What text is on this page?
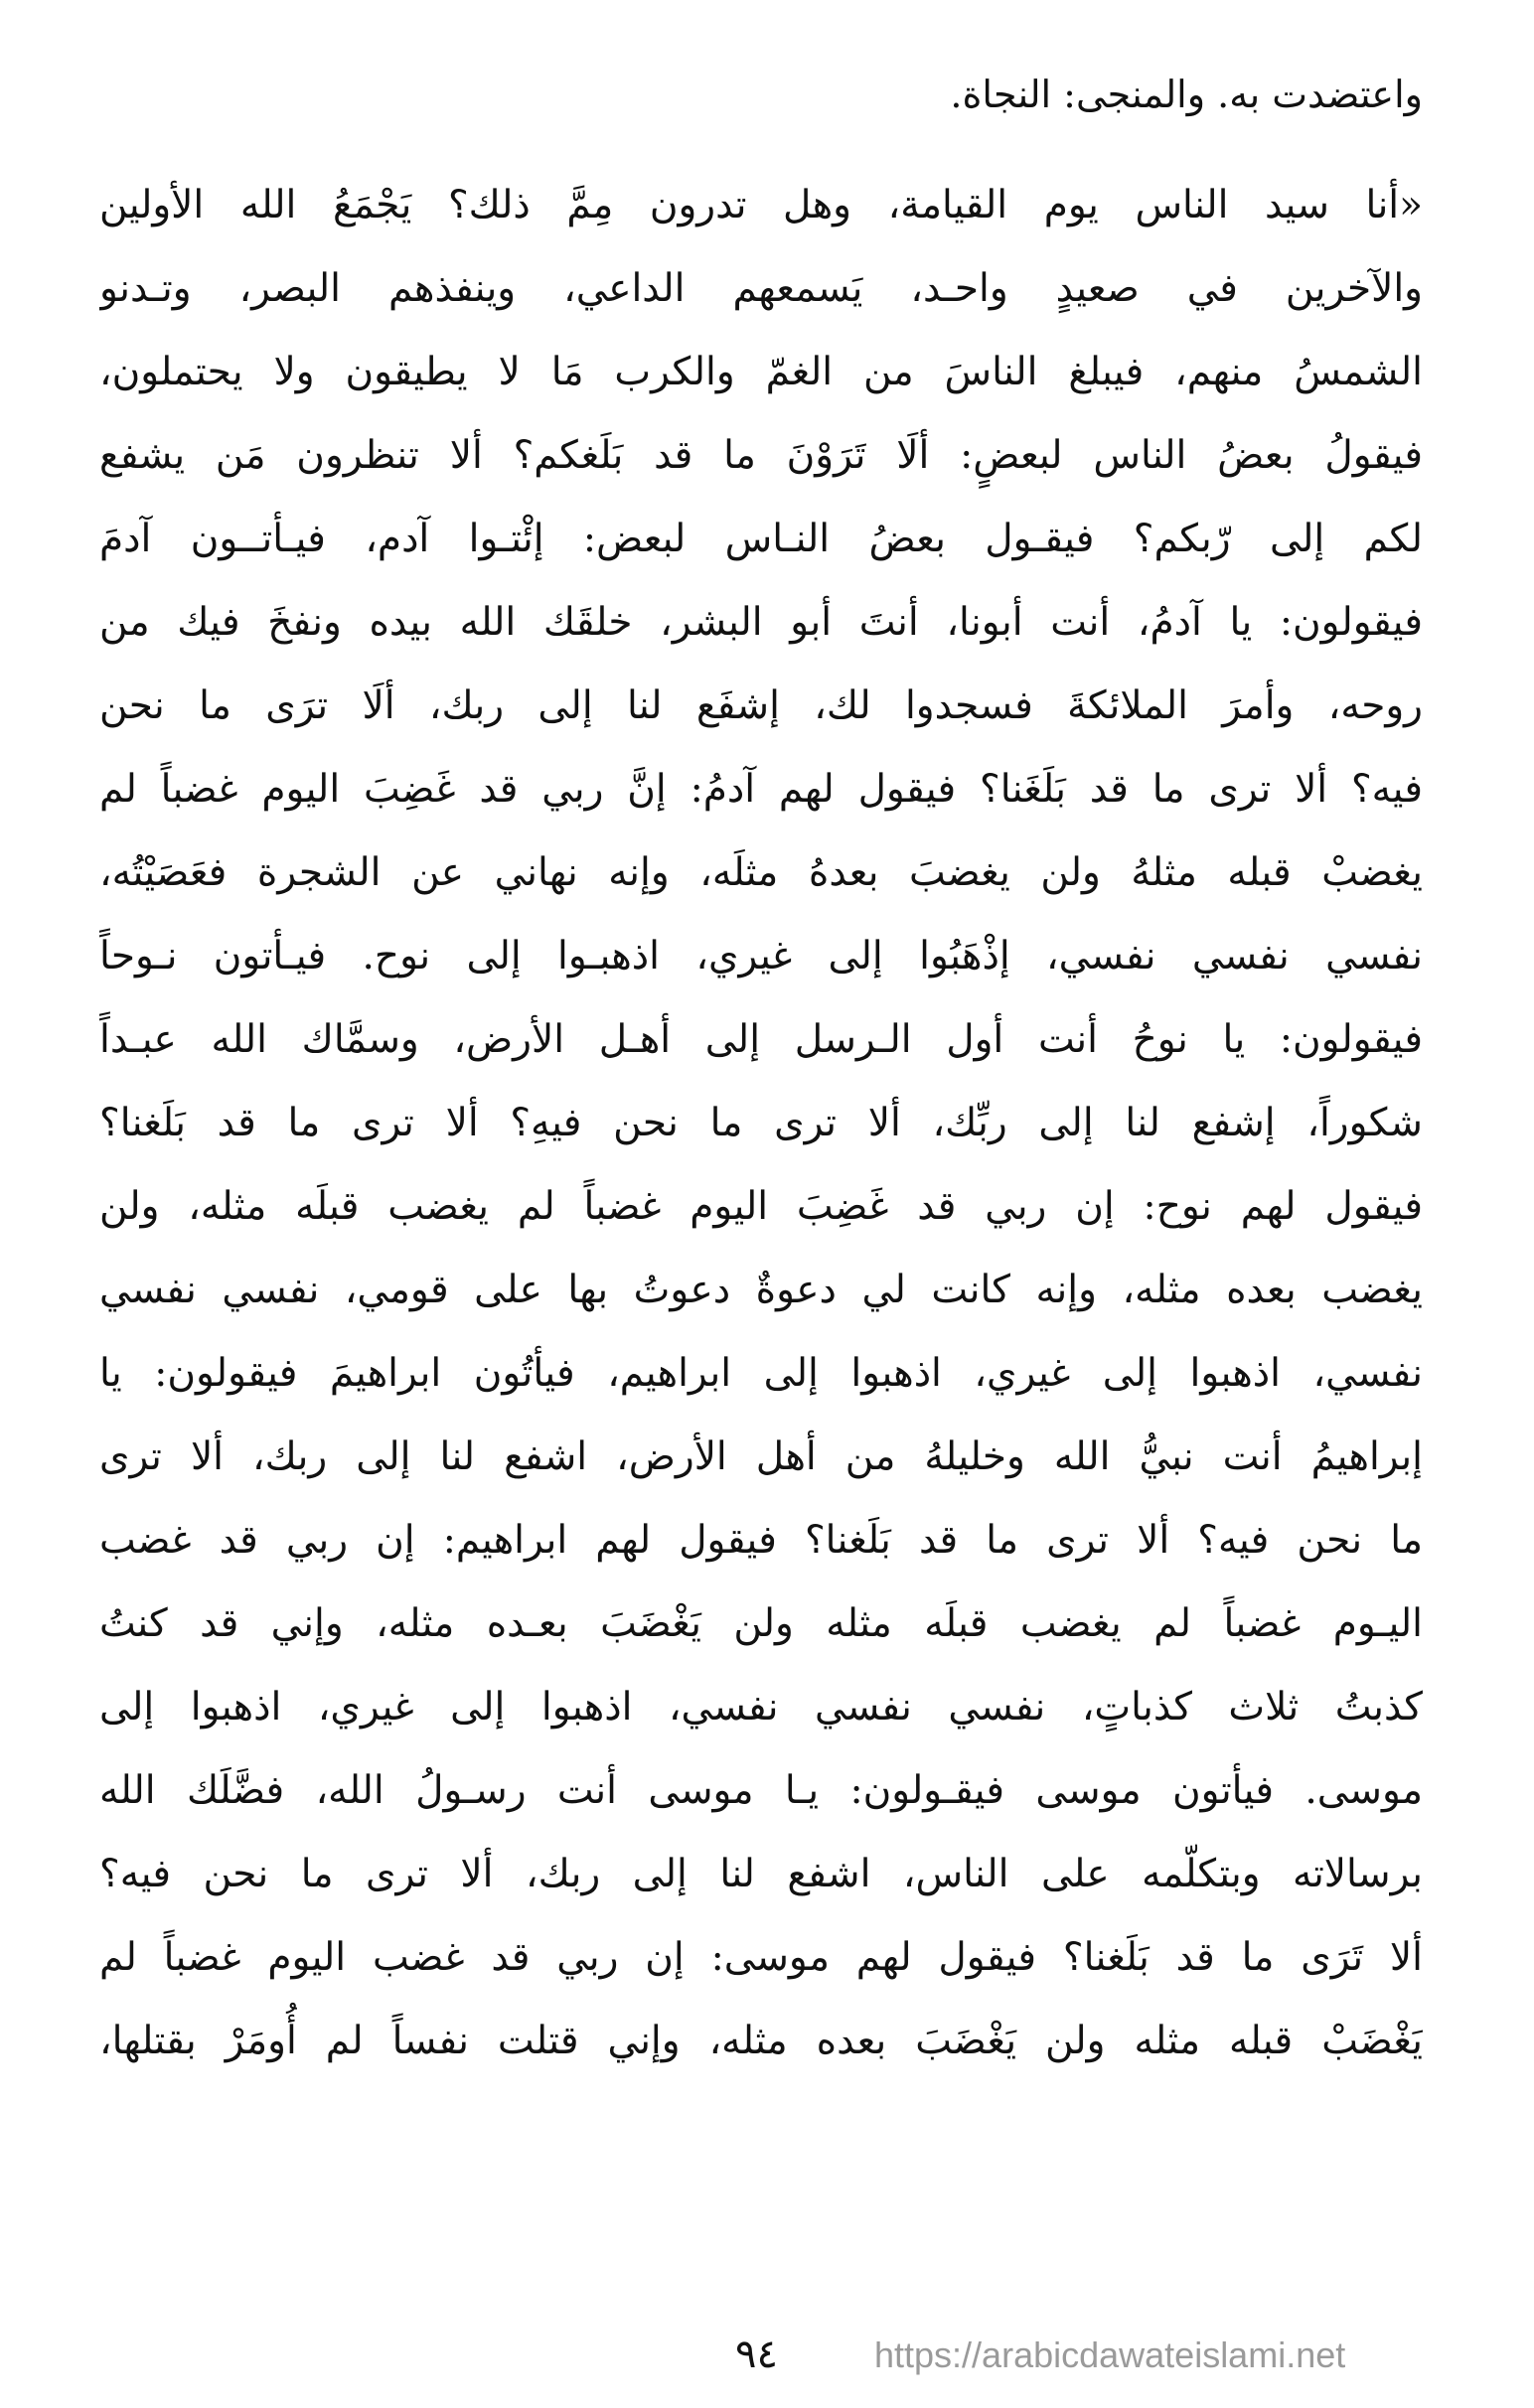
واعتضدت به. والمنجى: النجاة.
«أنا سيد الناس يوم القيامة، وهل تدرون مِمَّ ذلك؟ يَجْمَعُ الله الأولين
والآخرين في صعيدٍ واحـد، يَسمعهم الداعي، وينفذهم البصر، وتـدنو
الشمسُ منهم، فيبلغ الناسَ من الغمّ والكرب مَا لا يطيقون ولا يحتملون،
فيقولُ بعضُ الناس لبعضٍ: ألَا تَرَوْنَ ما قد بَلَغكم؟ ألا تنظرون مَن يشفع
لكم إلى رّبكم؟ فيقـول بعضُ النـاس لبعض: إئْتـوا آدم، فيـأتــون آدمَ
فيقولون: يا آدمُ، أنت أبونا، أنتَ أبو البشر، خلقَك الله بيده ونفخَ فيك من
روحه، وأمرَ الملائكةَ فسجدوا لك، إشفَع لنا إلى ربك، ألَا ترَى ما نحن
فيه؟ ألا ترى ما قد بَلَغَنا؟ فيقول لهم آدمُ: إنَّ ربي قد غَضِبَ اليوم غضباً لم
يغضبْ قبله مثلهُ ولن يغضبَ بعدهُ مثلَه، وإنه نهاني عن الشجرة فعَصَيْتُه،
نفسي نفسي نفسي، إذْهَبُوا إلى غيري، اذهبـوا إلى نوح. فيـأتون نـوحاً
فيقولون: يا نوحُ أنت أول الـرسل إلى أهـل الأرض، وسمَّاك الله عبـداً
شكوراً، إشفع لنا إلى ربِّك، ألا ترى ما نحن فيهِ؟ ألا ترى ما قد بَلَغنا؟
فيقول لهم نوح: إن ربي قد غَضِبَ اليوم غضباً لم يغضب قبلَه مثله، ولن
يغضب بعده مثله، وإنه كانت لي دعوةٌ دعوتُ بها على قومي، نفسي نفسي
نفسي، اذهبوا إلى غيري، اذهبوا إلى ابراهيم، فيأتُون ابراهيمَ فيقولون: يا
إبراهيمُ أنت نبيُّ الله وخليلهُ من أهل الأرض، اشفع لنا إلى ربك، ألا ترى
ما نحن فيه؟ ألا ترى ما قد بَلَغنا؟ فيقول لهم ابراهيم: إن ربي قد غضب
اليـوم غضباً لم يغضب قبلَه مثله ولن يَغْضَبَ بعـده مثله، وإني قد كنتُ
كذبتُ ثلاث كذباتٍ، نفسي نفسي نفسي، اذهبوا إلى غيري، اذهبوا إلى
موسى. فيأتون موسى فيقـولون: يـا موسى أنت رسـولُ الله، فضَّلَك الله
برسالاته وبتكلّمه على الناس، اشفع لنا إلى ربك، ألا ترى ما نحن فيه؟
ألا تَرَى ما قد بَلَغنا؟ فيقول لهم موسى: إن ربي قد غضب اليوم غضباً لم
يَغْضَبْ قبله مثله ولن يَغْضَبَ بعده مثله، وإني قتلت نفساً لم أُومَرْ بقتلها،
٩٤	https://arabicdawateislami.net
